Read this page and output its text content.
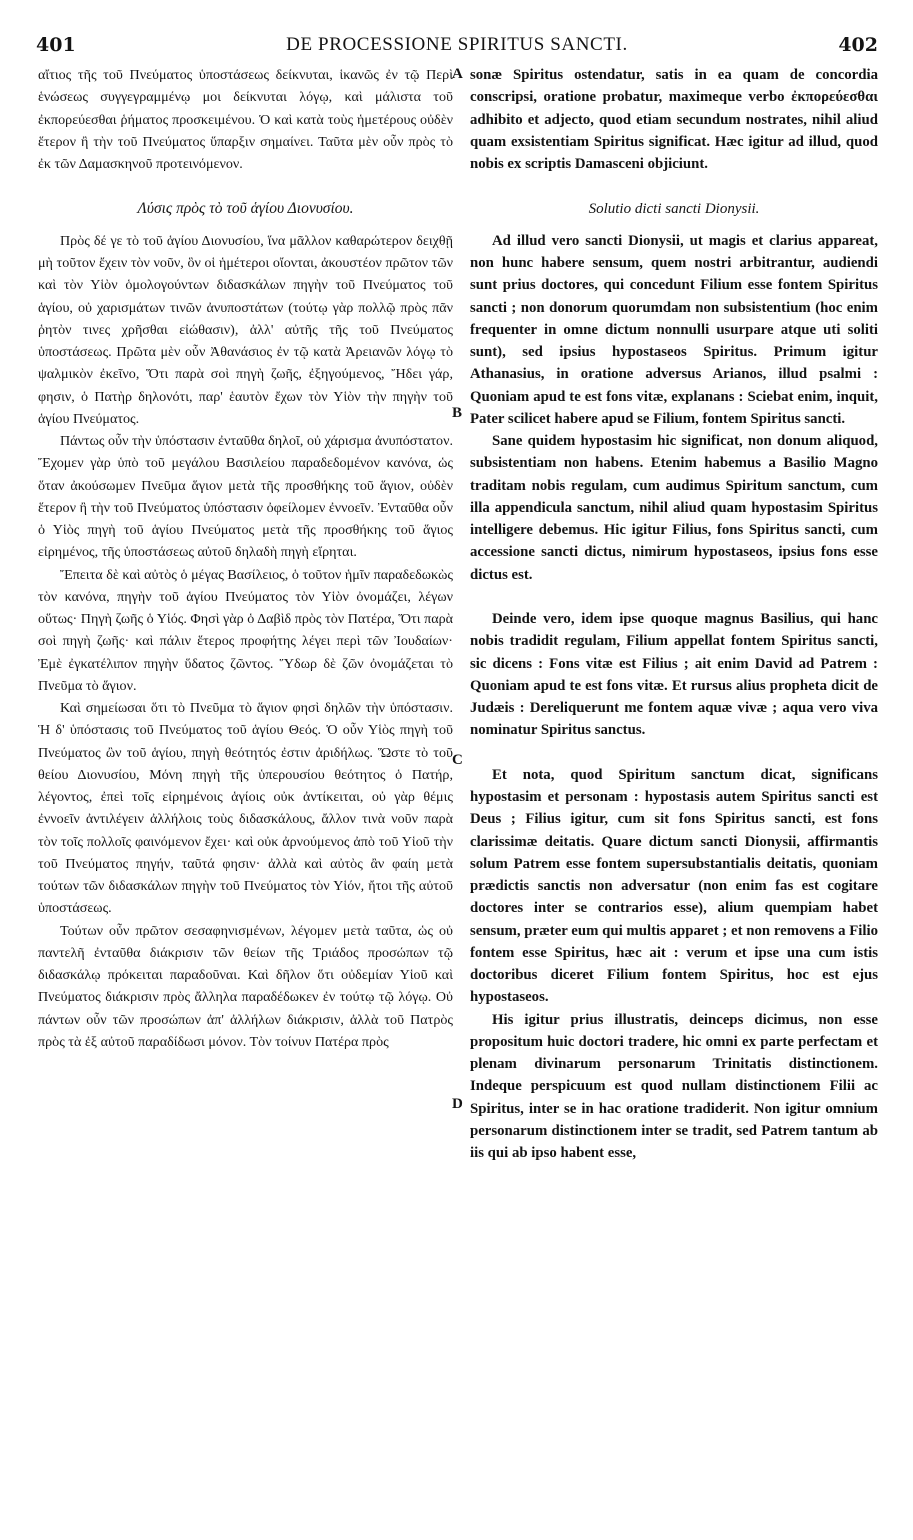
401	DE PROCESSIONE SPIRITUS SANCTI.	402

αἴτιος τῆς τοῦ Πνεύματος ὑποστάσεως δείκνυται, ἱκανῶς ἐν τῷ Περὶ ἑνώσεως συγγεγραμμένῳ μοι δείκνυται λόγῳ, καὶ μάλιστα τοῦ ἐκπορεύεσθαι ῥήματος προσκειμένου. Ὁ καὶ κατὰ τοὺς ἡμετέρους οὐδὲν ἕτερον ἢ τὴν τοῦ Πνεύματος ὕπαρξιν σημαίνει. Ταῦτα μὲν οὖν πρὸς τὸ ἐκ τῶν Δαμασκηνοῦ προτεινόμενον.

Λύσις πρὸς τὸ τοῦ ἁγίου Διονυσίου.

Πρὸς δέ γε τὸ τοῦ ἁγίου Διονυσίου, ἵνα μᾶλλον καθαρώτερον δειχθῇ μὴ τοῦτον ἔχειν τὸν νοῦν, ὃν οἱ ἡμέτεροι οἴονται, ἀκουστέον πρῶτον τῶν καὶ τὸν Υἱὸν ὁμολογούντων διδασκάλων πηγὴν τοῦ Πνεύματος τοῦ ἁγίου, οὐ χαρισμάτων τινῶν ἀνυποστάτων (τούτῳ γὰρ πολλῷ πρὸς πᾶν ῥητὸν τινες χρῆσθαι εἰώθασιν), ἀλλ' αὐτῆς τῆς τοῦ Πνεύματος ὑποστάσεως. Πρῶτα μὲν οὖν Ἀθανάσιος ἐν τῷ κατὰ Ἀρειανῶν λόγῳ τὸ ψαλμικὸν ἐκεῖνο, Ὅτι παρὰ σοὶ πηγὴ ζωῆς, ἐξηγούμενος, Ἤδει γάρ, φησιν, ὁ Πατὴρ δηλονότι, παρ' ἑαυτὸν ἔχων τὸν Υἱὸν τὴν πηγὴν τοῦ ἁγίου Πνεύματος.

Πάντως οὖν τὴν ὑπόστασιν ἐνταῦθα δηλοῖ, οὐ χάρισμα ἀνυπόστατον. Ἔχομεν γὰρ ὑπὸ τοῦ μεγάλου Βασιλείου παραδεδομένον κανόνα, ὡς ὅταν ἀκούσωμεν Πνεῦμα ἅγιον μετὰ τῆς προσθήκης τοῦ ἅγιον, οὐδὲν ἕτερον ἢ τὴν τοῦ Πνεύματος ὑπόστασιν ὀφείλομεν ἐννοεῖν. Ἐνταῦθα οὖν ὁ Υἱὸς πηγὴ τοῦ ἁγίου Πνεύματος μετὰ τῆς προσθήκης τοῦ ἅγιος εἰρημένος, τῆς ὑποστάσεως αὐτοῦ δηλαδὴ πηγὴ εἴρηται.

Ἔπειτα δὲ καὶ αὐτὸς ὁ μέγας Βασίλειος, ὁ τοῦτον ἡμῖν παραδεδωκὼς τὸν κανόνα, πηγὴν τοῦ ἁγίου Πνεύματος τὸν Υἱὸν ὀνομάζει, λέγων οὕτως· Πηγὴ ζωῆς ὁ Υἱός. Φησὶ γὰρ ὁ Δαβὶδ πρὸς τὸν Πατέρα, Ὅτι παρὰ σοὶ πηγὴ ζωῆς· καὶ πάλιν ἕτερος προφήτης λέγει περὶ τῶν Ἰουδαίων· Ἐμὲ ἐγκατέλιπον πηγὴν ὕδατος ζῶντος. Ὕδωρ δὲ ζῶν ὀνομάζεται τὸ Πνεῦμα τὸ ἅγιον.

Καὶ σημείωσαι ὅτι τὸ Πνεῦμα τὸ ἅγιον φησὶ δηλῶν τὴν ὑπόστασιν. Ἡ δ' ὑπόστασις τοῦ Πνεύματος τοῦ ἁγίου Θεός. Ὁ οὖν Υἱὸς πηγὴ τοῦ Πνεύματος ὢν τοῦ ἁγίου, πηγὴ θεότητός ἐστιν ἀριδήλως. Ὥστε τὸ τοῦ θείου Διονυσίου, Μόνη πηγὴ τῆς ὑπερουσίου θεότητος ὁ Πατήρ, λέγοντος, ἐπεὶ τοῖς εἰρημένοις ἁγίοις οὐκ ἀντίκειται, οὐ γὰρ θέμις ἐννοεῖν ἀντιλέγειν ἀλλήλοις τοὺς διδασκάλους, ἄλλον τινὰ νοῦν παρὰ τὸν τοῖς πολλοῖς φαινόμενον ἔχει· καὶ οὐκ ἀρνούμενος ἀπὸ τοῦ Υἱοῦ τὴν τοῦ Πνεύματος πηγήν, ταῦτά φησιν· ἀλλὰ καὶ αὐτὸς ἂν φαίη μετὰ τούτων τῶν διδασκάλων πηγὴν τοῦ Πνεύματος τὸν Υἱόν, ἤτοι τῆς αὐτοῦ ὑποστάσεως.

Τούτων οὖν πρῶτον σεσαφηνισμένων, λέγομεν μετὰ ταῦτα, ὡς οὐ παντελῆ ἐνταῦθα διάκρισιν τῶν θείων τῆς Τριάδος προσώπων τῷ διδασκάλῳ πρόκειται παραδοῦναι. Καὶ δῆλον ὅτι οὐδεμίαν Υἱοῦ καὶ Πνεύματος διάκρισιν πρὸς ἄλληλα παραδέδωκεν ἐν τούτῳ τῷ λόγῳ. Οὐ πάντων οὖν τῶν προσώπων ἀπ' ἀλλήλων διάκρισιν, ἀλλὰ τοῦ Πατρὸς πρὸς τὰ ἐξ αὐτοῦ παραδίδωσι μόνον. Τὸν τοίνυν Πατέρα πρὸς

A
B
C
D

sonæ Spiritus ostendatur, satis in ea quam de concordia conscripsi, oratione probatur, maximeque verbo ἐκπορεύεσθαι adhibito et adjecto, quod etiam secundum nostrates, nihil aliud quam exsistentiam Spiritus significat. Hæc igitur ad illud, quod nobis ex scriptis Damasceni objiciunt.

Solutio dicti sancti Dionysii.

Ad illud vero sancti Dionysii, ut magis et clarius appareat, non hunc habere sensum, quem nostri arbitrantur, audiendi sunt prius doctores, qui concedunt Filium esse fontem Spiritus sancti ; non donorum quorumdam non subsistentium (hoc enim frequenter in omne dictum nonnulli usurpare atque uti soliti sunt), sed ipsius hypostaseos Spiritus. Primum igitur Athanasius, in oratione adversus Arianos, illud psalmi : Quoniam apud te est fons vitæ, explanans : Sciebat enim, inquit, Pater scilicet habere apud se Filium, fontem Spiritus sancti.

Sane quidem hypostasim hic significat, non donum aliquod, subsistentiam non habens. Etenim habemus a Basilio Magno traditam nobis regulam, cum audimus Spiritum sanctum, cum illa appendicula sanctum, nihil aliud quam hypostasim Spiritus intelligere debemus. Hic igitur Filius, fons Spiritus sancti, cum accessione sancti dictus, nimirum hypostaseos, ipsius fons esse dictus est.

Deinde vero, idem ipse quoque magnus Basilius, qui hanc nobis tradidit regulam, Filium appellat fontem Spiritus sancti, sic dicens : Fons vitæ est Filius ; ait enim David ad Patrem : Quoniam apud te est fons vitæ. Et rursus alius propheta dicit de Judæis : Dereliquerunt me fontem aquæ vivæ ; aqua vero viva nominatur Spiritus sanctus.

Et nota, quod Spiritum sanctum dicat, significans hypostasim et personam : hypostasis autem Spiritus sancti est Deus ; Filius igitur, cum sit fons Spiritus sancti, est fons clarissimæ deitatis. Quare dictum sancti Dionysii, affirmantis solum Patrem esse fontem supersubstantialis deitatis, quoniam prædictis sanctis non adversatur (non enim fas est cogitare doctores inter se contrarios esse), alium quempiam habet sensum, præter eum qui multis apparet ; et non removens a Filio fontem esse Spiritus, hæc ait : verum et ipse una cum istis doctoribus diceret Filium fontem Spiritus, hoc est ejus hypostaseos.

His igitur prius illustratis, deinceps dicimus, non esse propositum huic doctori tradere, hic omni ex parte perfectam et plenam divinarum personarum Trinitatis distinctionem. Indeque perspicuum est quod nullam distinctionem Filii ac Spiritus, inter se in hac oratione tradiderit. Non igitur omnium personarum distinctionem inter se tradit, sed Patrem tantum ab iis qui ab ipso habent esse,
